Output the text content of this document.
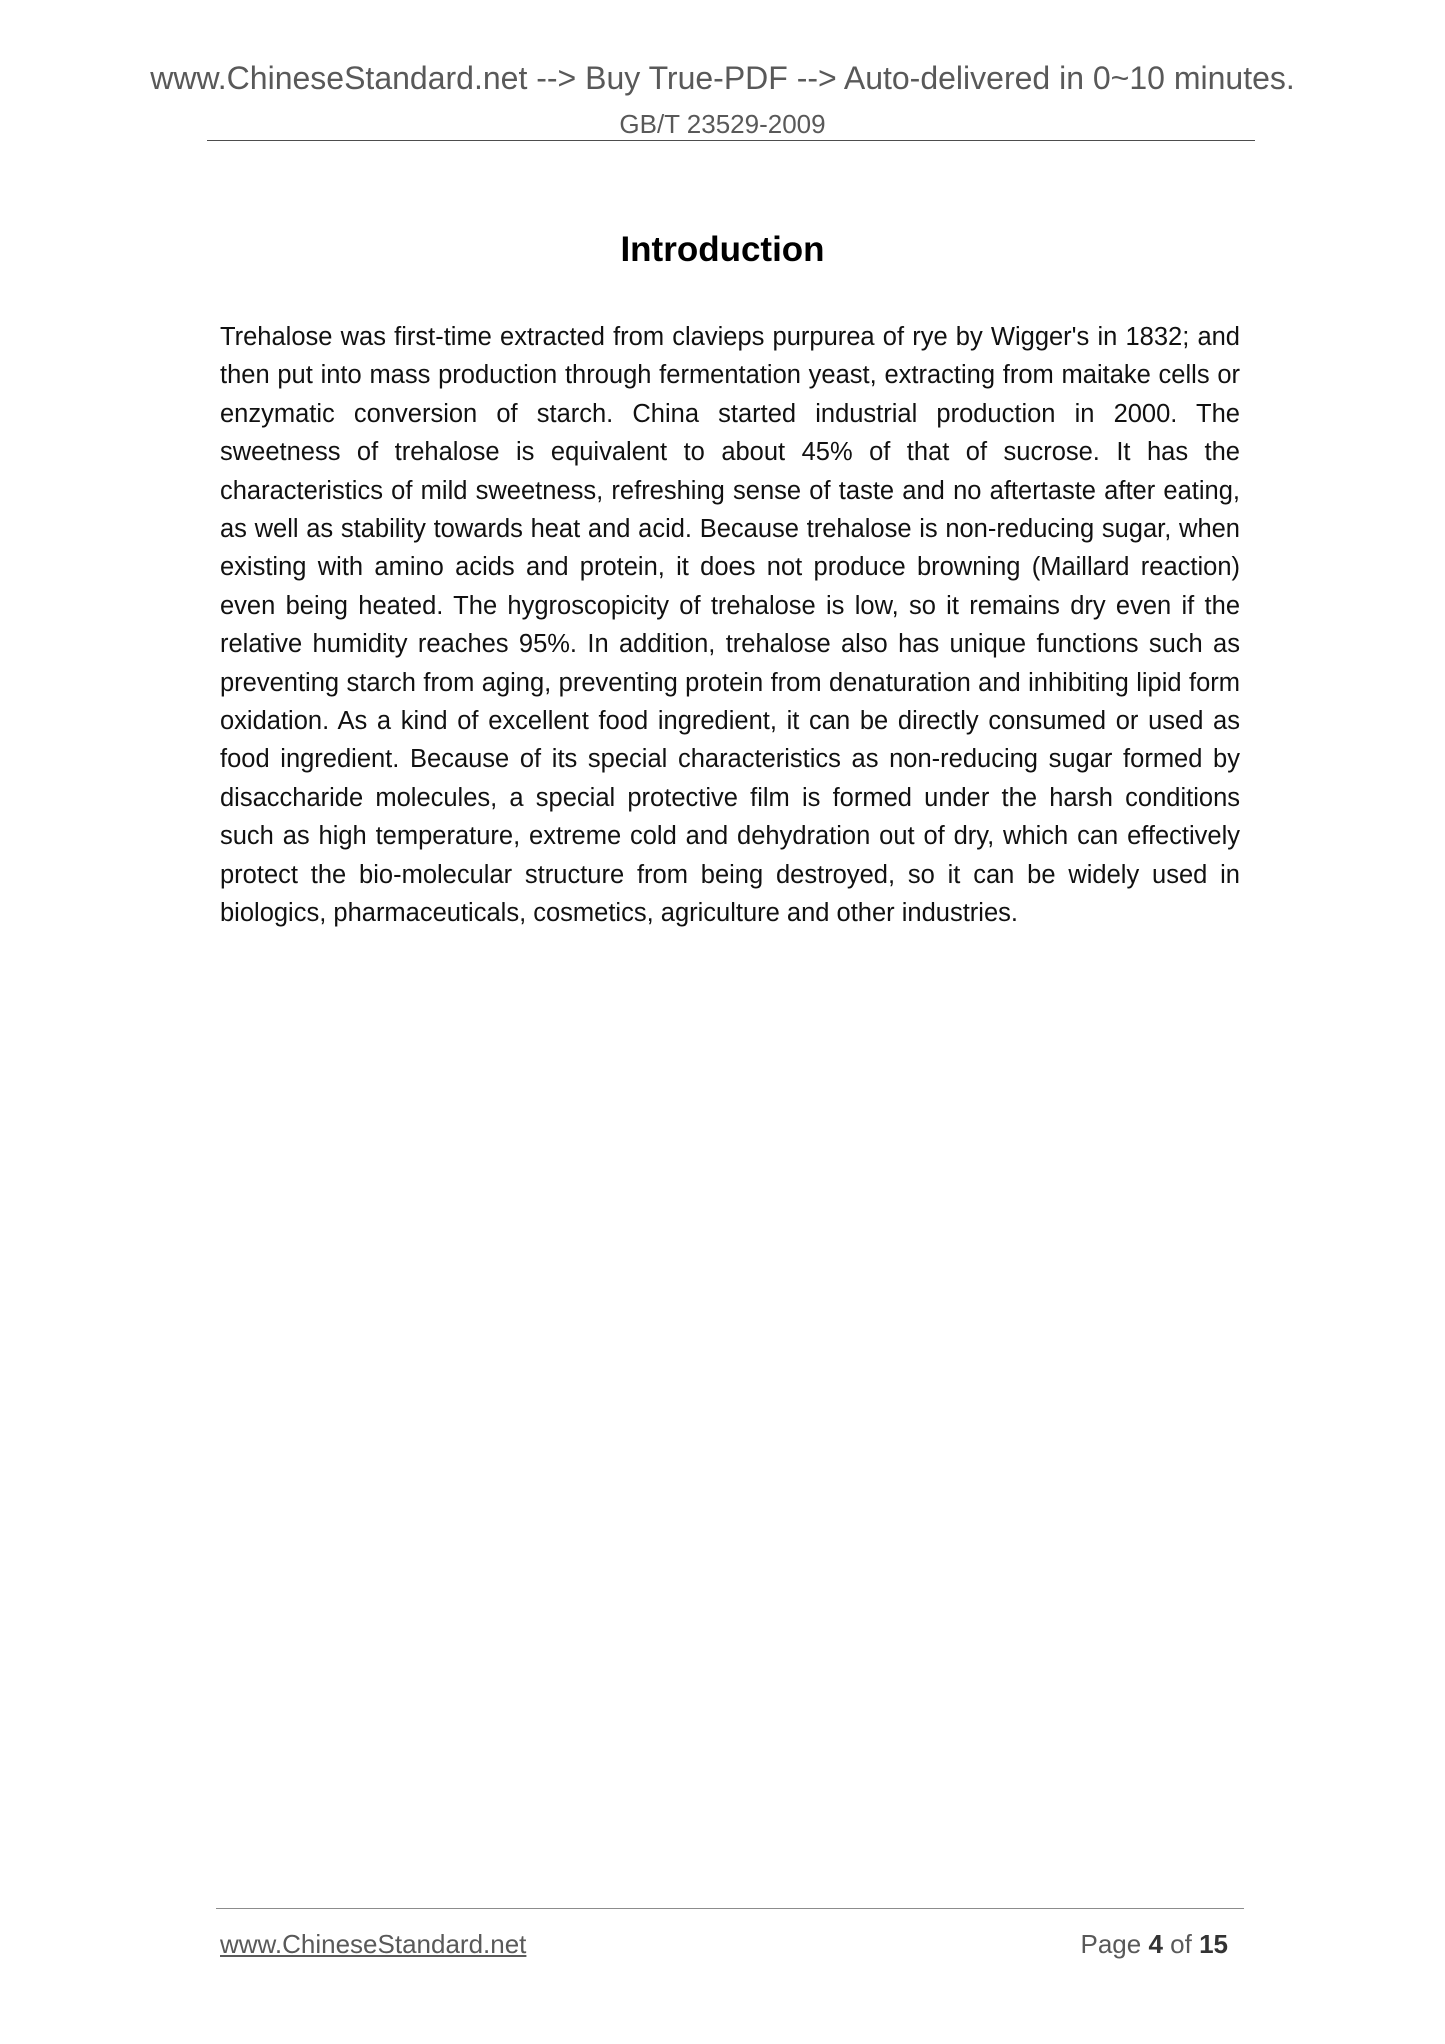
www.ChineseStandard.net --> Buy True-PDF --> Auto-delivered in 0~10 minutes.
GB/T 23529-2009
Introduction
Trehalose was first-time extracted from clavieps purpurea of rye by Wigger's in 1832; and then put into mass production through fermentation yeast, extracting from maitake cells or enzymatic conversion of starch. China started industrial production in 2000. The sweetness of trehalose is equivalent to about 45% of that of sucrose. It has the characteristics of mild sweetness, refreshing sense of taste and no aftertaste after eating, as well as stability towards heat and acid. Because trehalose is non-reducing sugar, when existing with amino acids and protein, it does not produce browning (Maillard reaction) even being heated. The hygroscopicity of trehalose is low, so it remains dry even if the relative humidity reaches 95%. In addition, trehalose also has unique functions such as preventing starch from aging, preventing protein from denaturation and inhibiting lipid form oxidation. As a kind of excellent food ingredient, it can be directly consumed or used as food ingredient. Because of its special characteristics as non-reducing sugar formed by disaccharide molecules, a special protective film is formed under the harsh conditions such as high temperature, extreme cold and dehydration out of dry, which can effectively protect the bio-molecular structure from being destroyed, so it can be widely used in biologics, pharmaceuticals, cosmetics, agriculture and other industries.
www.ChineseStandard.net	Page 4 of 15
